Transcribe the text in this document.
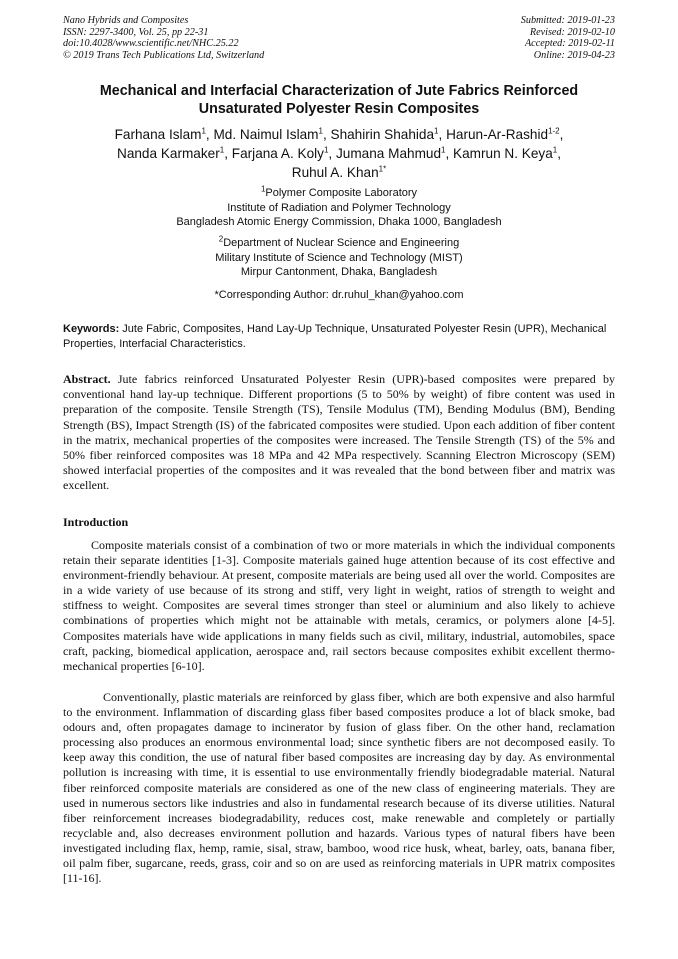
Nano Hybrids and Composites
ISSN: 2297-3400, Vol. 25, pp 22-31
doi:10.4028/www.scientific.net/NHC.25.22
© 2019 Trans Tech Publications Ltd, Switzerland
Submitted: 2019-01-23
Revised: 2019-02-10
Accepted: 2019-02-11
Online: 2019-04-23
Mechanical and Interfacial Characterization of Jute Fabrics Reinforced
Unsaturated Polyester Resin Composites
Farhana Islam$^1$, Md. Naimul Islam$^1$, Shahirin Shahida$^1$, Harun-Ar-Rashid$^{1-2}$,
Nanda Karmaker$^1$, Farjana A. Koly$^1$, Jumana Mahmud$^1$, Kamrun N. Keya$^1$,
Ruhul A. Khan$^{1*}$
$^1$Polymer Composite Laboratory
Institute of Radiation and Polymer Technology
Bangladesh Atomic Energy Commission, Dhaka 1000, Bangladesh
$^2$Department of Nuclear Science and Engineering
Military Institute of Science and Technology (MIST)
Mirpur Cantonment, Dhaka, Bangladesh
*Corresponding Author: dr.ruhul_khan@yahoo.com
Keywords: Jute Fabric, Composites, Hand Lay-Up Technique, Unsaturated Polyester Resin (UPR), Mechanical Properties, Interfacial Characteristics.
Abstract. Jute fabrics reinforced Unsaturated Polyester Resin (UPR)-based composites were prepared by conventional hand lay-up technique. Different proportions (5 to 50% by weight) of fibre content was used in preparation of the composite. Tensile Strength (TS), Tensile Modulus (TM), Bending Modulus (BM), Bending Strength (BS), Impact Strength (IS) of the fabricated composites were studied. Upon each addition of fiber content in the matrix, mechanical properties of the composites were increased. The Tensile Strength (TS) of the 5% and 50% fiber reinforced composites was 18 MPa and 42 MPa respectively. Scanning Electron Microscopy (SEM) showed interfacial properties of the composites and it was revealed that the bond between fiber and matrix was excellent.
Introduction

Composite materials consist of a combination of two or more materials in which the individual components retain their separate identities [1-3]. Composite materials gained huge attention because of its cost effective and environment-friendly behaviour. At present, composite materials are being used all over the world. Composites are in a wide variety of use because of its strong and stiff, very light in weight, ratios of strength to weight and stiffness to weight. Composites are several times stronger than steel or aluminium and also likely to achieve combinations of properties which might not be attainable with metals, ceramics, or polymers alone [4-5]. Composites materials have wide applications in many fields such as civil, military, industrial, automobiles, space craft, packing, biomedical application, aerospace and, rail sectors because composites exhibit excellent thermo-mechanical properties [6-10].

Conventionally, plastic materials are reinforced by glass fiber, which are both expensive and also harmful to the environment. Inflammation of discarding glass fiber based composites produce a lot of black smoke, bad odours and, often propagates damage to incinerator by fusion of glass fiber. On the other hand, reclamation processing also produces an enormous environmental load; since synthetic fibers are not decomposed easily. To keep away this condition, the use of natural fiber based composites are increasing day by day. As environmental pollution is increasing with time, it is essential to use environmentally friendly biodegradable material. Natural fiber reinforced composite materials are considered as one of the new class of engineering materials. They are used in numerous sectors like industries and also in fundamental research because of its diverse utilities. Natural fiber reinforcement increases biodegradability, reduces cost, make renewable and completely or partially recyclable and, also decreases environment pollution and hazards. Various types of natural fibers have been investigated including flax, hemp, ramie, sisal, straw, bamboo, wood rice husk, wheat, barley, oats, banana fiber, oil palm fiber, sugarcane, reeds, grass, coir and so on are used as reinforcing materials in UPR matrix composites [11-16].
